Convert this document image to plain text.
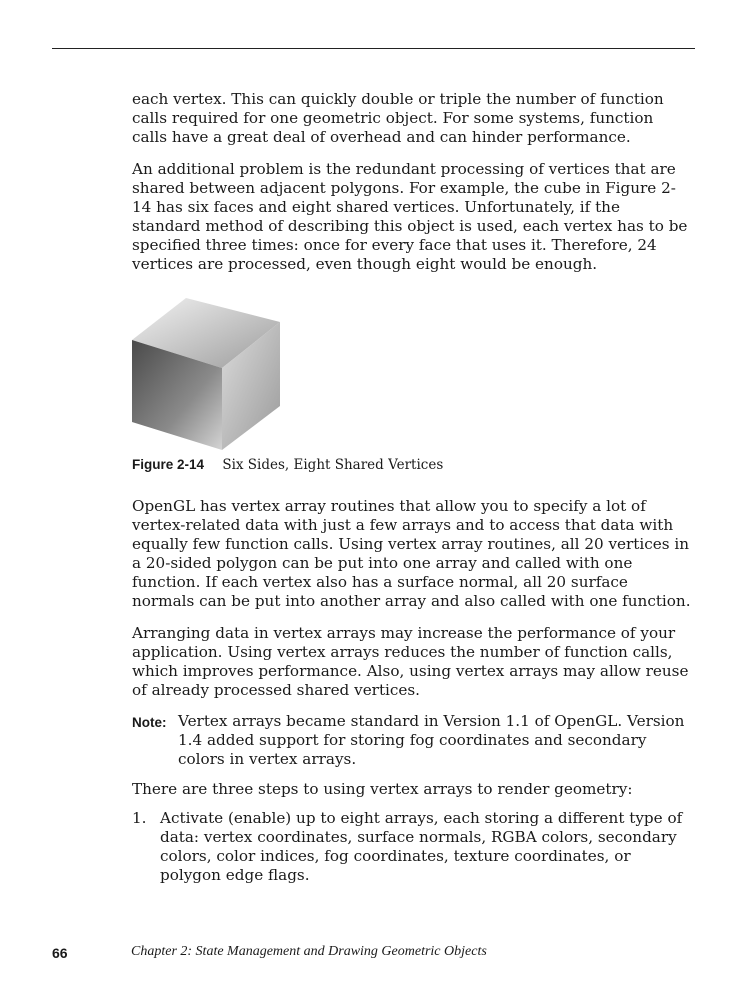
each vertex. This can quickly double or triple the number of function calls required for one geometric object. For some systems, function calls have a great deal of overhead and can hinder performance.

An additional problem is the redundant processing of vertices that are shared between adjacent polygons. For example, the cube in Figure 2-14 has six faces and eight shared vertices. Unfortunately, if the standard method of describing this object is used, each vertex has to be specified three times: once for every face that uses it. Therefore, 24 vertices are processed, even though eight would be enough.

Figure 2-14 Six Sides, Eight Shared Vertices

OpenGL has vertex array routines that allow you to specify a lot of vertex-related data with just a few arrays and to access that data with equally few function calls. Using vertex array routines, all 20 vertices in a 20-sided polygon can be put into one array and called with one function. If each vertex also has a surface normal, all 20 surface normals can be put into another array and also called with one function.

Arranging data in vertex arrays may increase the performance of your application. Using vertex arrays reduces the number of function calls, which improves performance. Also, using vertex arrays may allow reuse of already processed shared vertices.

Note: Vertex arrays became standard in Version 1.1 of OpenGL. Version 1.4 added support for storing fog coordinates and secondary colors in vertex arrays.

There are three steps to using vertex arrays to render geometry:

1. Activate (enable) up to eight arrays, each storing a different type of data: vertex coordinates, surface normals, RGBA colors, secondary colors, color indices, fog coordinates, texture coordinates, or polygon edge flags.
66	Chapter 2: State Management and Drawing Geometric Objects
